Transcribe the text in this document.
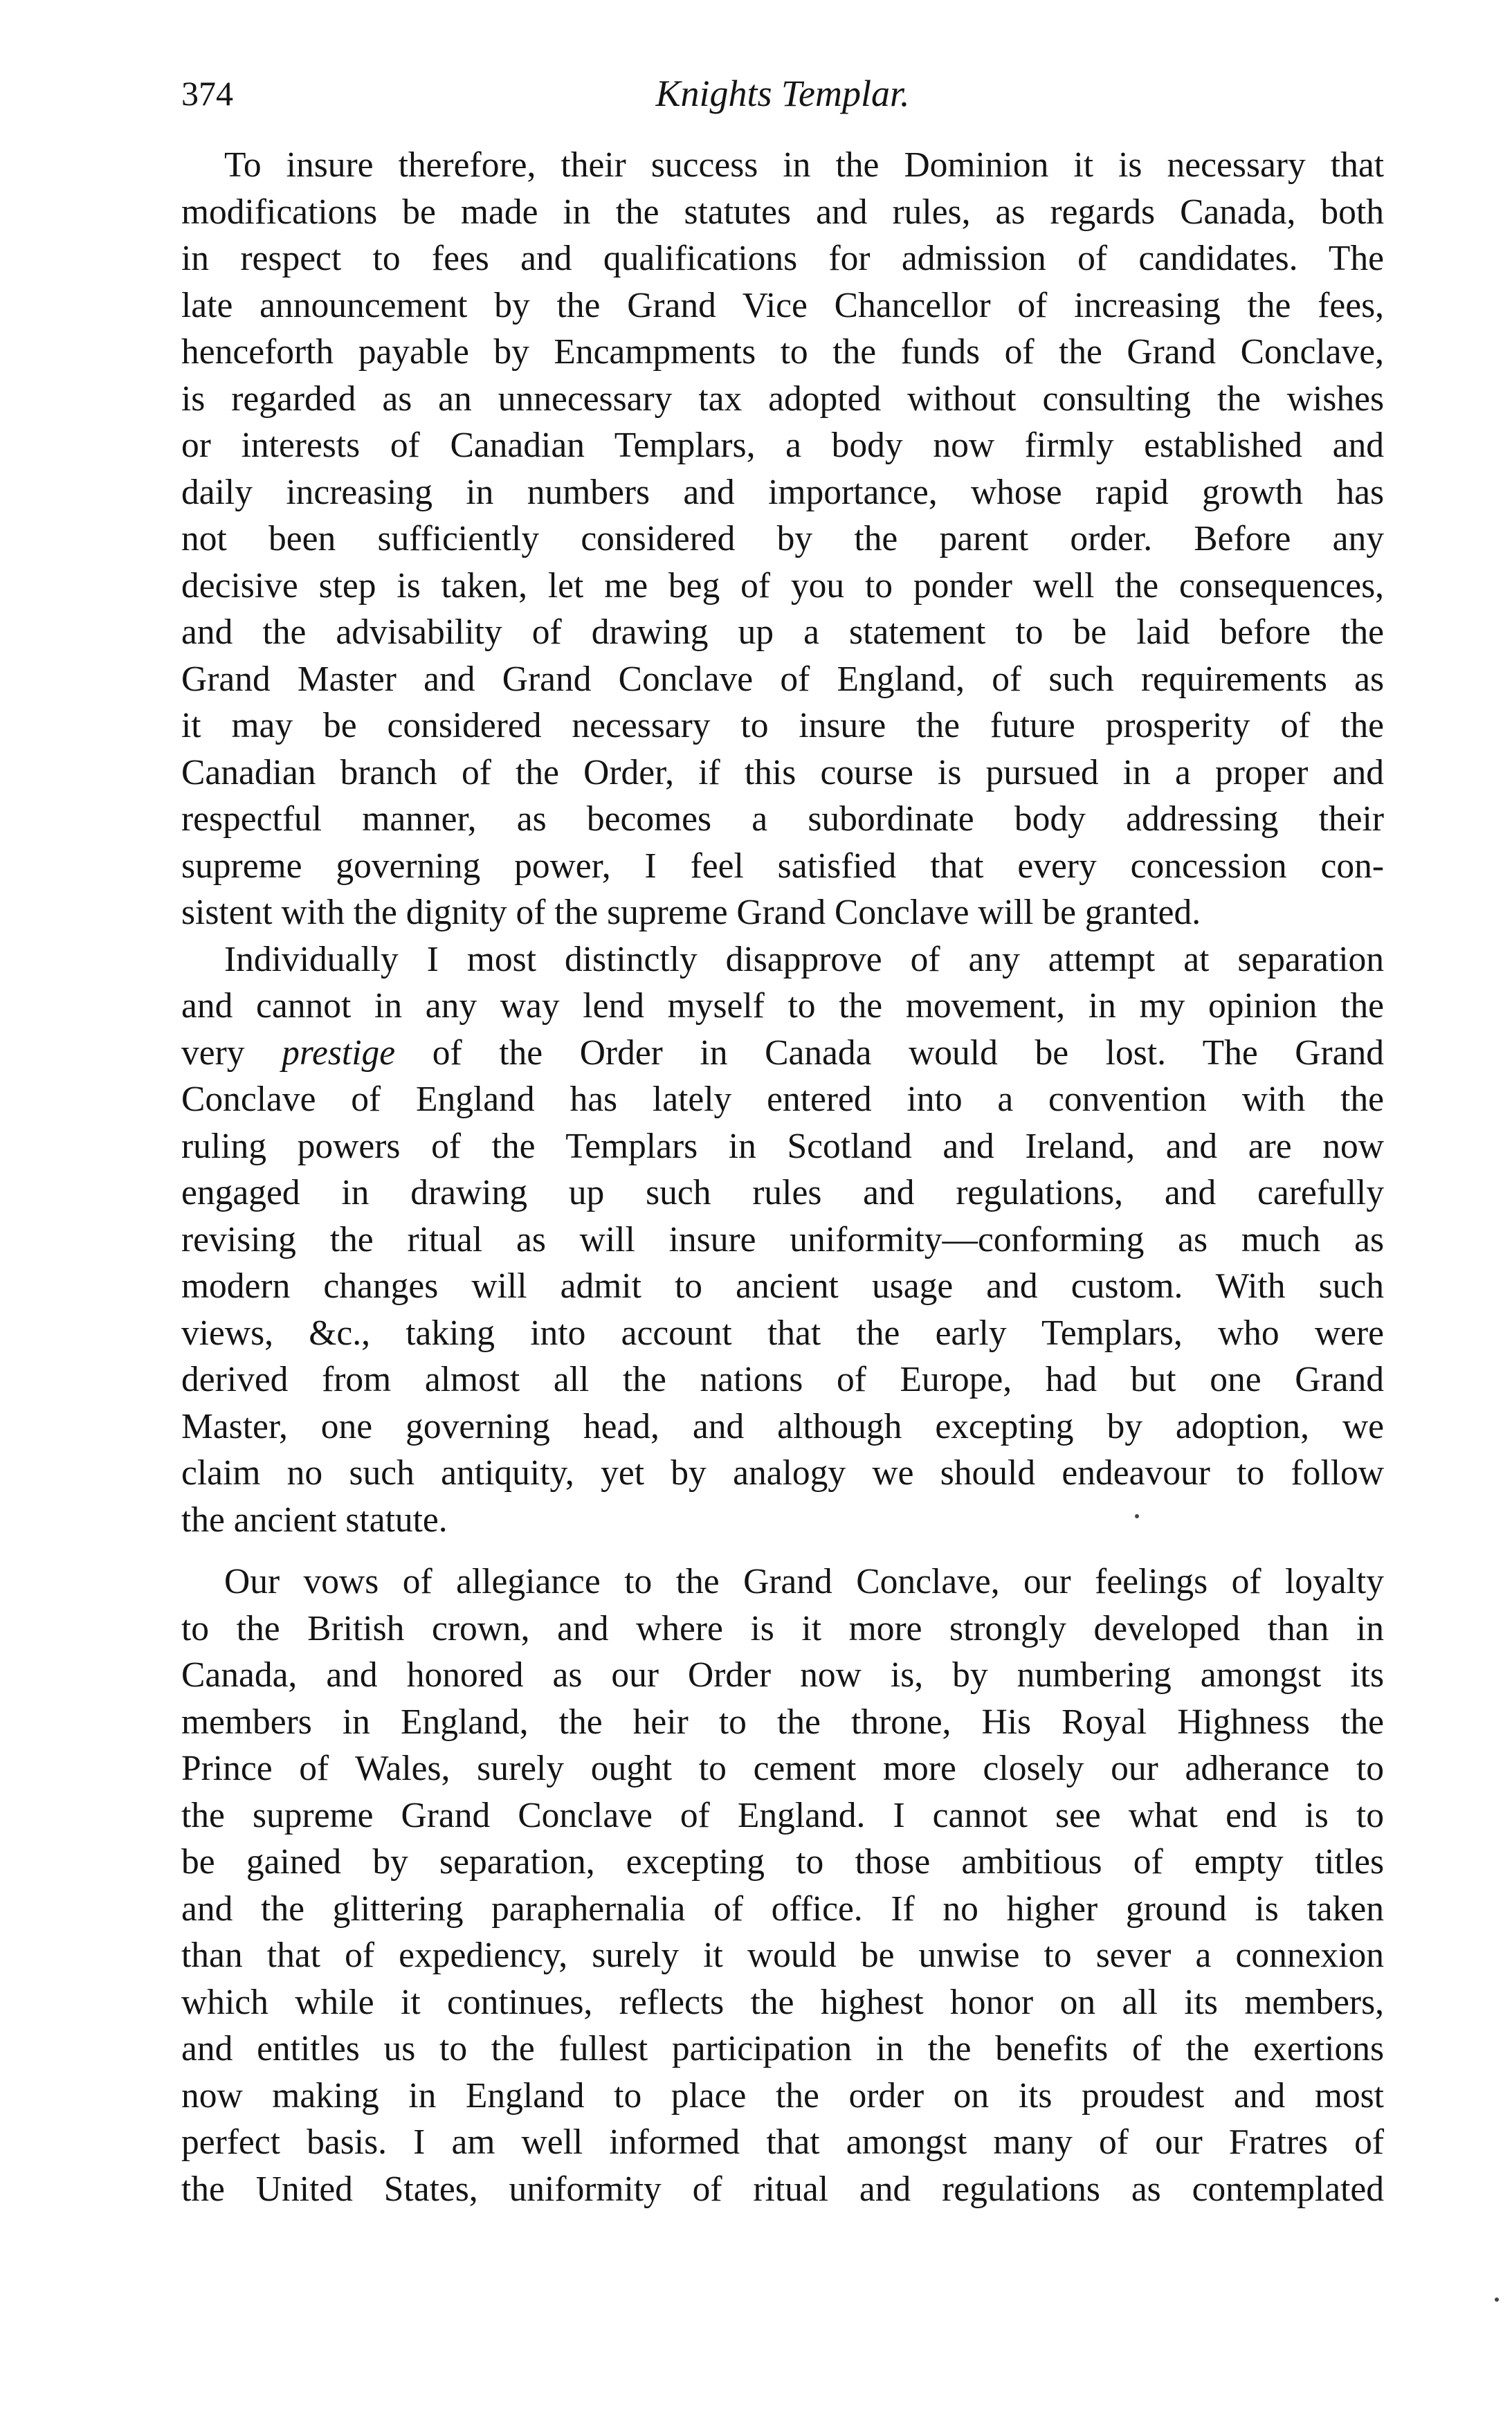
374	Knights Templar.

To insure therefore, their success in the Dominion it is necessary that
modifications be made in the statutes and rules, as regards Canada, both
in respect to fees and qualifications for admission of candidates. The
late announcement by the Grand Vice Chancellor of increasing the fees,
henceforth payable by Encampments to the funds of the Grand Conclave,
is regarded as an unnecessary tax adopted without consulting the wishes
or interests of Canadian Templars, a body now firmly established and
daily increasing in numbers and importance, whose rapid growth has
not been sufficiently considered by the parent order. Before any
decisive step is taken, let me beg of you to ponder well the consequences,
and the advisability of drawing up a statement to be laid before the
Grand Master and Grand Conclave of England, of such requirements as
it may be considered necessary to insure the future prosperity of the
Canadian branch of the Order, if this course is pursued in a proper and
respectful manner, as becomes a subordinate body addressing their
supreme governing power, I feel satisfied that every concession con-
sistent with the dignity of the supreme Grand Conclave will be granted.

Individually I most distinctly disapprove of any attempt at separation
and cannot in any way lend myself to the movement, in my opinion the
very prestige of the Order in Canada would be lost. The Grand
Conclave of England has lately entered into a convention with the
ruling powers of the Templars in Scotland and Ireland, and are now
engaged in drawing up such rules and regulations, and carefully
revising the ritual as will insure uniformity—conforming as much as
modern changes will admit to ancient usage and custom. With such
views, &c., taking into account that the early Templars, who were
derived from almost all the nations of Europe, had but one Grand
Master, one governing head, and although excepting by adoption, we
claim no such antiquity, yet by analogy we should endeavour to follow
the ancient statute.

Our vows of allegiance to the Grand Conclave, our feelings of loyalty
to the British crown, and where is it more strongly developed than in
Canada, and honored as our Order now is, by numbering amongst its
members in England, the heir to the throne, His Royal Highness the
Prince of Wales, surely ought to cement more closely our adherance to
the supreme Grand Conclave of England. I cannot see what end is to
be gained by separation, excepting to those ambitious of empty titles
and the glittering paraphernalia of office. If no higher ground is taken
than that of expediency, surely it would be unwise to sever a connexion
which while it continues, reflects the highest honor on all its members,
and entitles us to the fullest participation in the benefits of the exertions
now making in England to place the order on its proudest and most
perfect basis. I am well informed that amongst many of our Fratres of
the United States, uniformity of ritual and regulations as contemplated
